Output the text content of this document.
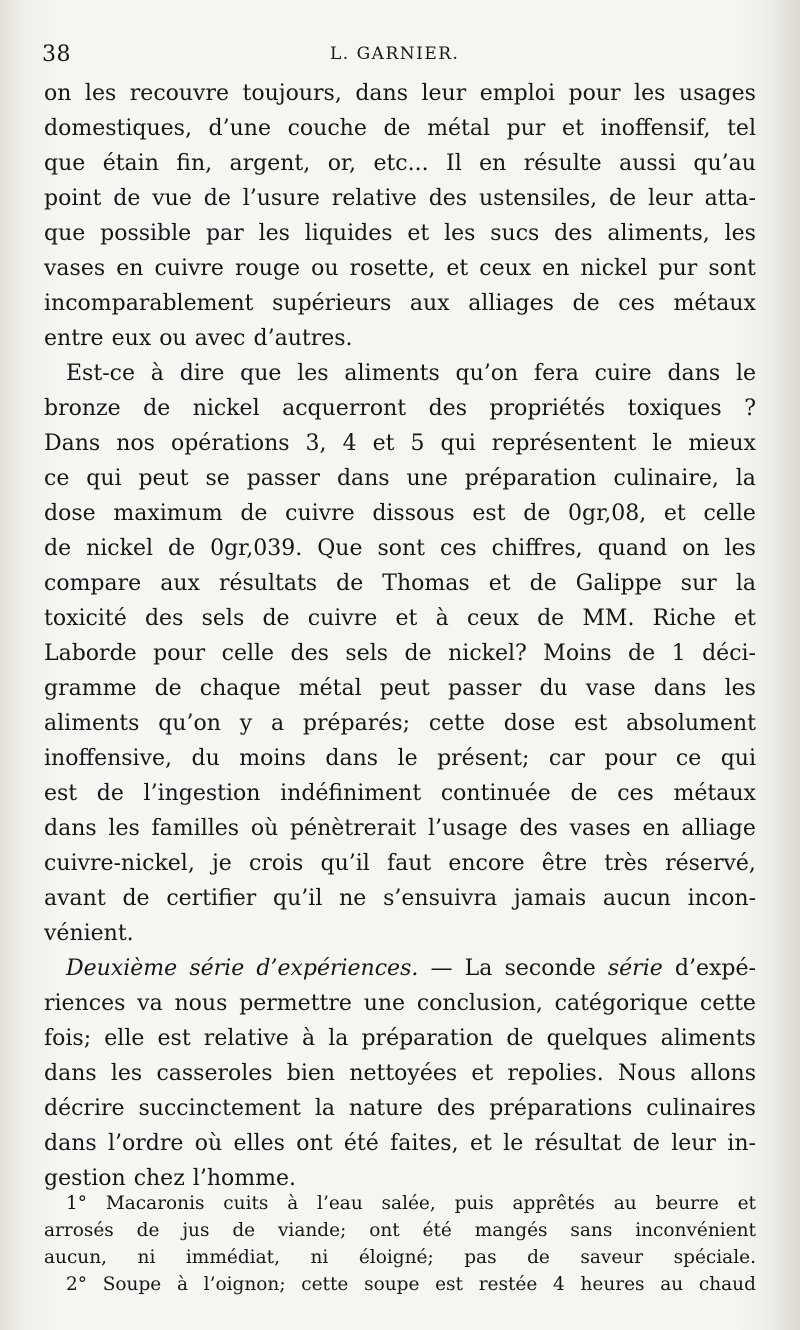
38	L. GARNIER.
on les recouvre toujours, dans leur emploi pour les usages
domestiques, d’une couche de métal pur et inoffensif, tel
que étain fin, argent, or, etc... Il en résulte aussi qu’au
point de vue de l’usure relative des ustensiles, de leur atta-
que possible par les liquides et les sucs des aliments, les
vases en cuivre rouge ou rosette, et ceux en nickel pur sont
incomparablement supérieurs aux alliages de ces métaux
entre eux ou avec d’autres.
Est-ce à dire que les aliments qu’on fera cuire dans le
bronze de nickel acquerront des propriétés toxiques ?
Dans nos opérations 3, 4 et 5 qui représentent le mieux
ce qui peut se passer dans une préparation culinaire, la
dose maximum de cuivre dissous est de 0gr,08, et celle
de nickel de 0gr,039. Que sont ces chiffres, quand on les
compare aux résultats de Thomas et de Galippe sur la
toxicité des sels de cuivre et à ceux de MM. Riche et
Laborde pour celle des sels de nickel? Moins de 1 déci-
gramme de chaque métal peut passer du vase dans les
aliments qu’on y a préparés; cette dose est absolument
inoffensive, du moins dans le présent; car pour ce qui
est de l’ingestion indéfiniment continuée de ces métaux
dans les familles où pénètrerait l’usage des vases en alliage
cuivre-nickel, je crois qu’il faut encore être très réservé,
avant de certifier qu’il ne s’ensuivra jamais aucun incon-
vénient.
Deuxième série d’expériences. — La seconde série d’expé-
riences va nous permettre une conclusion, catégorique cette
fois; elle est relative à la préparation de quelques aliments
dans les casseroles bien nettoyées et repolies. Nous allons
décrire succinctement la nature des préparations culinaires
dans l’ordre où elles ont été faites, et le résultat de leur in-
gestion chez l’homme.
1° Macaronis cuits à l’eau salée, puis apprêtés au beurre et
arrosés de jus de viande; ont été mangés sans inconvénient
aucun, ni immédiat, ni éloigné; pas de saveur spéciale.
2° Soupe à l’oignon; cette soupe est restée 4 heures au chaud
